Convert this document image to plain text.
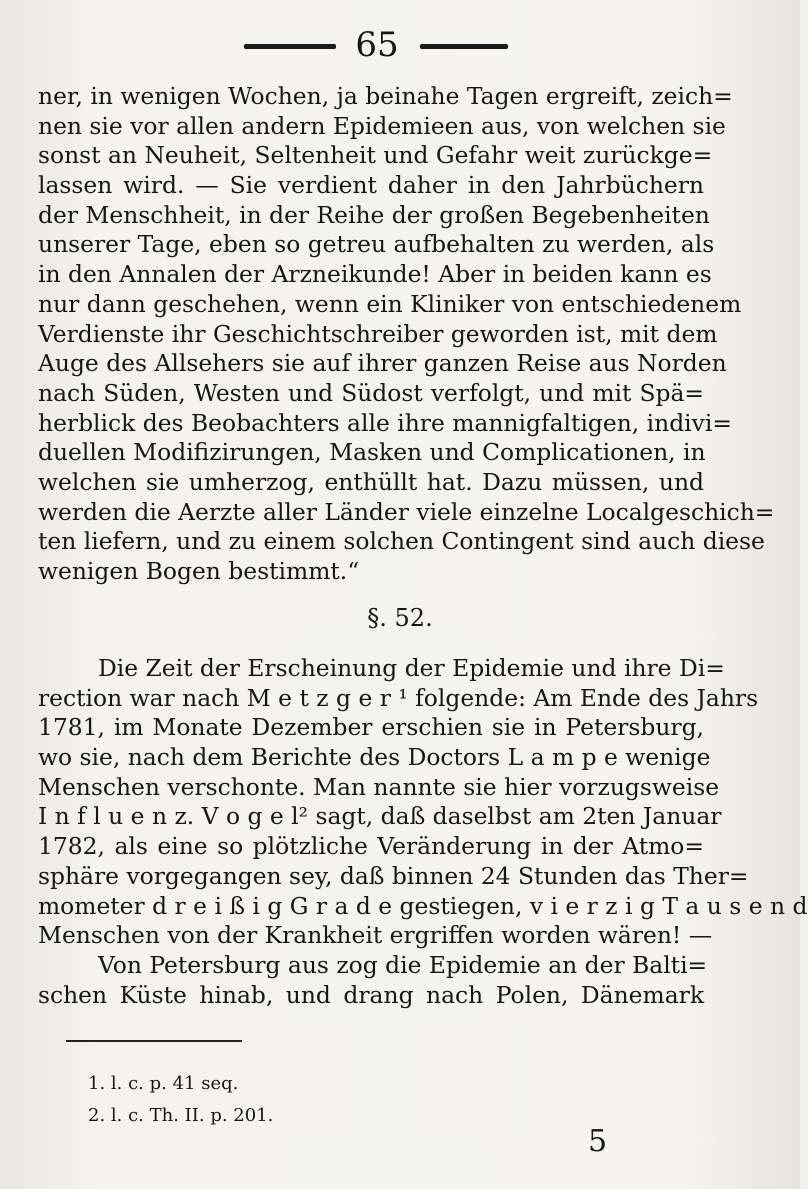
65
ner, in wenigen Wochen, ja beinahe Tagen ergreift, zeich=
nen sie vor allen andern Epidemieen aus, von welchen sie
sonst an Neuheit, Seltenheit und Gefahr weit zurückge=
lassen wird. — Sie verdient daher in den Jahrbüchern
der Menschheit, in der Reihe der großen Begebenheiten
unserer Tage, eben so getreu aufbehalten zu werden, als
in den Annalen der Arzneikunde! Aber in beiden kann es
nur dann geschehen, wenn ein Kliniker von entschiedenem
Verdienste ihr Geschichtschreiber geworden ist, mit dem
Auge des Allsehers sie auf ihrer ganzen Reise aus Norden
nach Süden, Westen und Südost verfolgt, und mit Spä=
herblick des Beobachters alle ihre mannigfaltigen, indivi=
duellen Modifizirungen, Masken und Complicationen, in
welchen sie umherzog, enthüllt hat. Dazu müssen, und
werden die Aerzte aller Länder viele einzelne Localgeschich=
ten liefern, und zu einem solchen Contingent sind auch diese
wenigen Bogen bestimmt.“
§. 52.
Die Zeit der Erscheinung der Epidemie und ihre Di=
rection war nach M e t z g e r ¹ folgende: Am Ende des Jahrs
1781, im Monate Dezember erschien sie in Petersburg,
wo sie, nach dem Berichte des Doctors L a m p e wenige
Menschen verschonte. Man nannte sie hier vorzugsweise
I n f l u e n z. V o g e l² sagt, daß daselbst am 2ten Januar
1782, als eine so plötzliche Veränderung in der Atmo=
sphäre vorgegangen sey, daß binnen 24 Stunden das Ther=
mometer d r e i ß i g G r a d e gestiegen, v i e r z i g T a u s e n d
Menschen von der Krankheit ergriffen worden wären! —
Von Petersburg aus zog die Epidemie an der Balti=
schen Küste hinab, und drang nach Polen, Dänemark
1. l. c. p. 41 seq.
2. l. c. Th. II. p. 201.
5
